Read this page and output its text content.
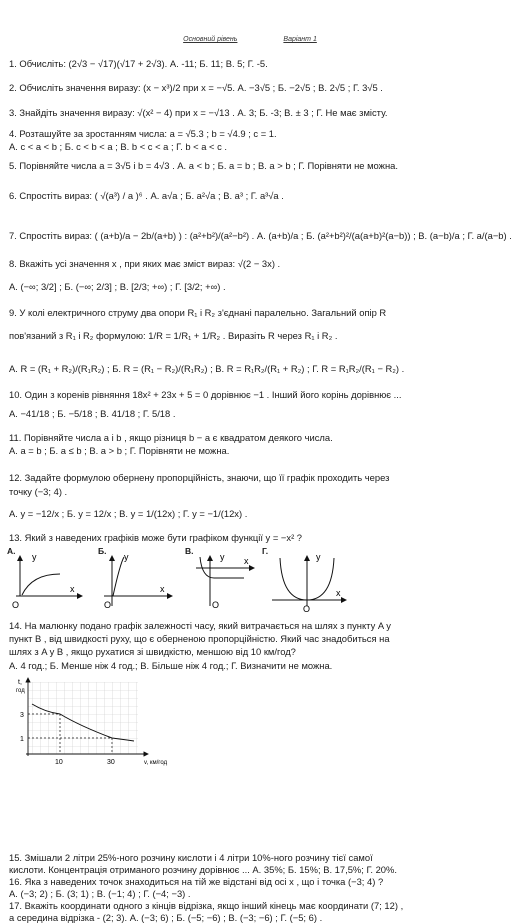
Основний рівень	Варіант 1
1. Обчисліть: (2√3 − √17)(√17 + 2√3). А. -11; Б. 11; В. 5; Г. -5.
2. Обчисліть значення виразу: (x − x³)/2 при x = −√5. А. −3√5 ; Б. −2√5 ; В. 2√5 ; Г. 3√5 .
3. Знайдіть значення виразу: √(x² − 4) при x = −√13 . А. 3; Б. -3; В. ± 3 ; Г. Не має змісту.
4. Розташуйте за зростанням числа: a = √5.3 ; b = √4.9 ; c = 1.
А. c < a < b ; Б. c < b < a ; В. b < c < a ; Г. b < a < c .
5. Порівняйте числа a = 3√5 і b = 4√3 . А. a < b ; Б. a = b ; В. a > b ; Г. Порівняти не можна.
6. Спростіть вираз: ( √(a³) / a )⁶ . А. a√a ; Б. a²√a ; В. a³ ; Г. a³√a .
7. Спростіть вираз: ( (a+b)/a − 2b/(a+b) ) : (a²+b²)/(a²−b²) . А. (a+b)/a ; Б. (a²+b²)²/(a(a+b)²(a−b)) ; В. (a−b)/a ; Г. a/(a−b) .
8. Вкажіть усі значення x , при яких має зміст вираз: √(2 − 3x) .
А. (−∞; 3/2] ; Б. (−∞; 2/3] ; В. [2/3; +∞) ; Г. [3/2; +∞) .
9. У колі електричного струму два опори R₁ і R₂ з'єднані паралельно. Загальний опір R
пов'язаний з R₁ і R₂ формулою: 1/R = 1/R₁ + 1/R₂ . Виразіть R через R₁ і R₂ .
А. R = (R₁ + R₂)/(R₁R₂) ; Б. R = (R₁ − R₂)/(R₁R₂) ; В. R = R₁R₂/(R₁ + R₂) ; Г. R = R₁R₂/(R₁ − R₂) .
10. Один з коренів рівняння 18x² + 23x + 5 = 0 дорівнює −1 . Інший його корінь дорівнює ...
А. −41/18 ; Б. −5/18 ; В. 41/18 ; Г. 5/18 .
11. Порівняйте числа a і b , якщо різниця b − a є квадратом деякого числа.
А. a = b ; Б. a ≤ b ; В. a > b ; Г. Порівняти не можна.
12. Задайте формулою обернену пропорційність, знаючи, що її графік проходить через
точку (−3; 4) .
А. y = −12/x ; Б. y = 12/x ; В. y = 1/(12x) ; Г. y = −1/(12x) .
13. Який з наведених графіків може бути графіком функції y = −x² ?
А.	Б.	В.	Г.
y
x
O
y
x
O
y x
O
y
x
O
14. На малюнку подано графік залежності часу, який витрачається на шлях з пункту A у
пункт B , від швидкості руху, що є оберненою пропорційністю. Який час знадобиться на
шлях з A у B , якщо рухатися зі швидкістю, меншою від 10 км/год?
А. 4 год.; Б. Менше ніж 4 год.; В. Більше ніж 4 год.; Г. Визначити не можна.
t,
год
3
1
10	30	v, км/год
15. Змішали 2 літри 25%-ного розчину кислоти і 4 літри 10%-ного розчину тієї самої
кислоти. Концентрація отриманого розчину дорівнює ... А. 35%; Б. 15%; В. 17,5%; Г. 20%.
16. Яка з наведених точок знаходиться на тій же відстані від осі x , що і точка (−3; 4) ?
А. (−3; 2) ; Б. (3; 1) ; В. (−1; 4) ; Г. (−4; −3) .
17. Вкажіть координати одного з кінців відрізка, якщо інший кінець має координати (7; 12) ,
а середина відрізка - (2; 3). А. (−3; 6) ; Б. (−5; −6) ; В. (−3; −6) ; Г. (−5; 6) .
